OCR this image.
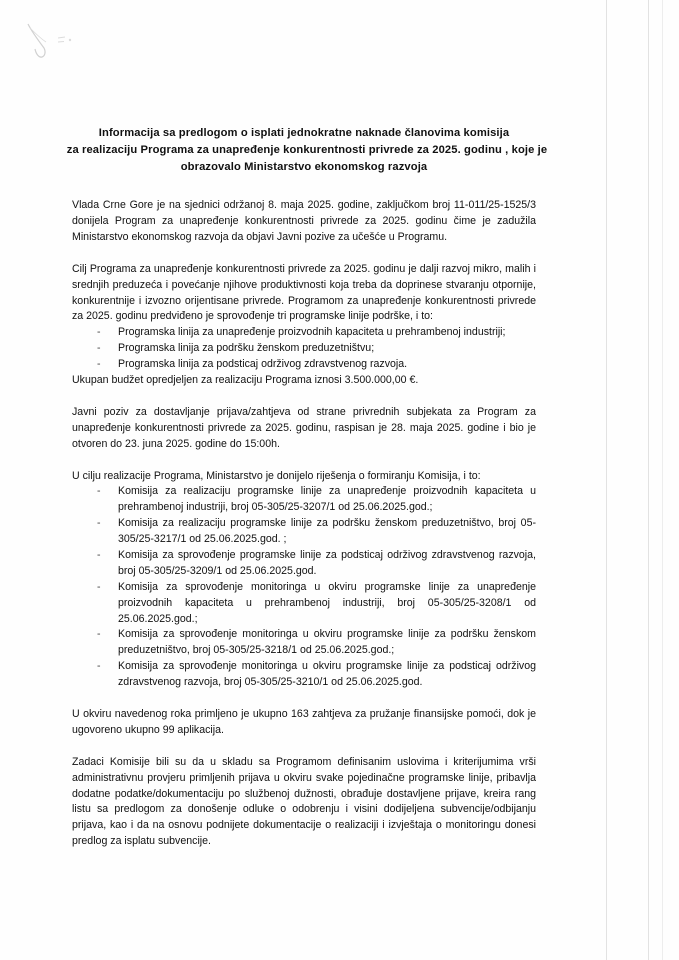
Informacija sa predlogom o isplati jednokratne naknade članovima komisija
za realizaciju Programa za unapređenje konkurentnosti privrede za 2025. godinu , koje je
obrazovalo Ministarstvo ekonomskog razvoja

Vlada Crne Gore je na sjednici održanoj 8. maja 2025. godine, zaključkom broj 11-011/25-1525/3 donijela Program za unapređenje konkurentnosti privrede za 2025. godinu čime je zadužila Ministarstvo ekonomskog razvoja da objavi Javni pozive za učešće u Programu.

Cilj Programa za unapređenje konkurentnosti privrede za 2025. godinu je dalji razvoj mikro, malih i srednjih preduzeća i povećanje njihove produktivnosti koja treba da doprinese stvaranju otpornije, konkurentnije i izvozno orijentisane privrede. Programom za unapređenje konkurentnosti privrede za 2025. godinu predviđeno je sprovođenje tri programske linije podrške, i to:

- Programska linija za unapređenje proizvodnih kapaciteta u prehrambenoj industriji;
- Programska linija za podršku ženskom preduzetništvu;
- Programska linija za podsticaj održivog zdravstvenog razvoja.
Ukupan budžet opredjeljen za realizaciju Programa iznosi 3.500.000,00 €.

Javni poziv za dostavljanje prijava/zahtjeva od strane privrednih subjekata za Program za unapređenje konkurentnosti privrede za 2025. godinu, raspisan je 28. maja 2025. godine i bio je otvoren do 23. juna 2025. godine do 15:00h.

U cilju realizacije Programa, Ministarstvo je donijelo riješenja o formiranju Komisija, i to:

- Komisija za realizaciju programske linije za unapređenje proizvodnih kapaciteta u prehrambenoj industriji, broj 05-305/25-3207/1 od 25.06.2025.god.;
- Komisija za realizaciju programske linije za podršku ženskom preduzetništvo, broj 05-305/25-3217/1 od 25.06.2025.god. ;
- Komisija za sprovođenje programske linije za podsticaj održivog zdravstvenog razvoja, broj 05-305/25-3209/1 od 25.06.2025.god.
- Komisija za sprovođenje monitoringa u okviru programske linije za unapređenje proizvodnih kapaciteta u prehrambenoj industriji, broj 05-305/25-3208/1 od 25.06.2025.god.;
- Komisija za sprovođenje monitoringa u okviru programske linije za podršku ženskom preduzetništvo, broj 05-305/25-3218/1 od 25.06.2025.god.;
- Komisija za sprovođenje monitoringa u okviru programske linije za podsticaj održivog zdravstvenog razvoja, broj 05-305/25-3210/1 od 25.06.2025.god.

U okviru navedenog roka primljeno je ukupno 163 zahtjeva za pružanje finansijske pomoći, dok je ugovoreno ukupno 99 aplikacija.

Zadaci Komisije bili su da u skladu sa Programom definisanim uslovima i kriterijumima vrši administrativnu provjeru primljenih prijava u okviru svake pojedinačne programske linije, pribavlja dodatne podatke/dokumentaciju po službenoj dužnosti, obrađuje dostavljene prijave, kreira rang listu sa predlogom za donošenje odluke o odobrenju i visini dodijeljena subvencije/odbijanju prijava, kao i da na osnovu podnijete dokumentacije o realizaciji i izvještaja o monitoringu donesi predlog za isplatu subvencije.
